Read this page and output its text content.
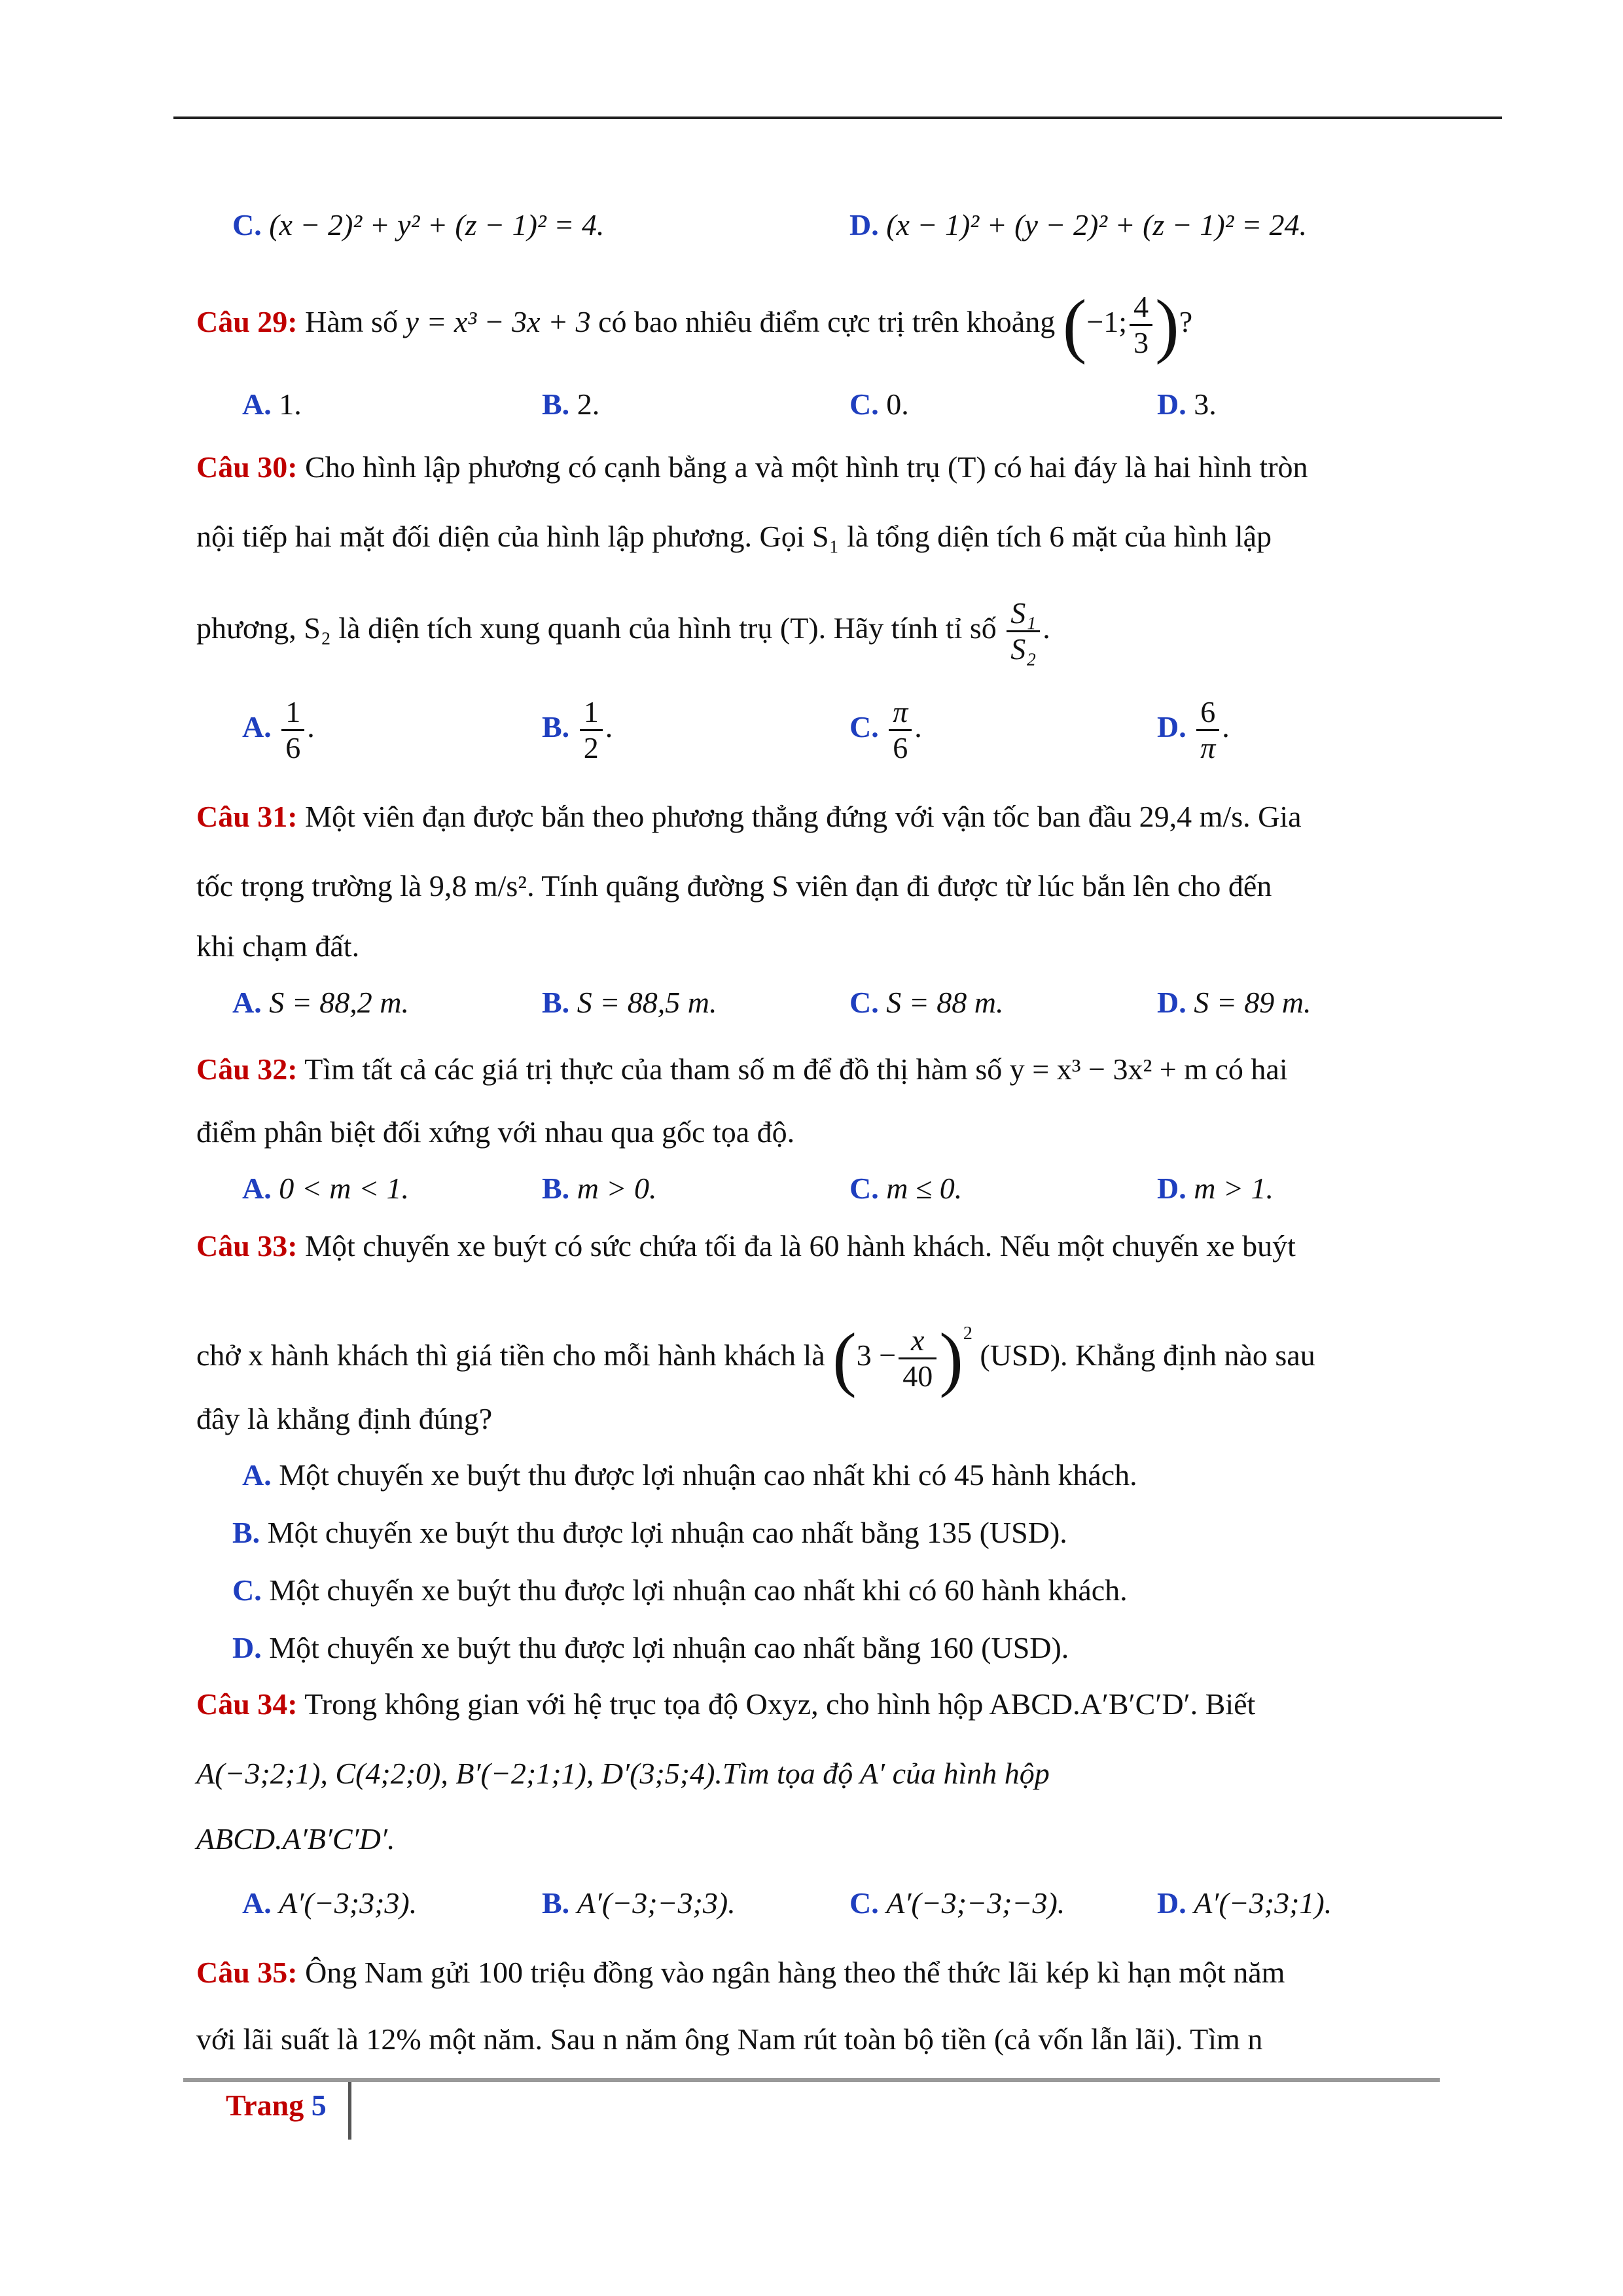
C. (x − 2)² + y² + (z − 1)² = 4.	D. (x − 1)² + (y − 2)² + (z − 1)² = 24.
Câu 29: Hàm số y = x³ − 3x + 3 có bao nhiêu điểm cực trị trên khoảng (−1; $\frac{4}{3}$ )?
A. 1.	B. 2.	C. 0.	D. 3.
Câu 30: Cho hình lập phương có cạnh bằng a và một hình trụ (T) có hai đáy là hai hình tròn
nội tiếp hai mặt đối diện của hình lập phương. Gọi S₁ là tổng diện tích 6 mặt của hình lập
phương, S₂ là diện tích xung quanh của hình trụ (T). Hãy tính tỉ số $\frac{\text{S₁}}{\text{S₂}}$ .
A. $\frac{1}{6}$ .	B. $\frac{1}{2}$ .	C. $\frac{\pi}{6}$ .	D. $\frac{6}{\pi}$ .
Câu 31: Một viên đạn được bắn theo phương thẳng đứng với vận tốc ban đầu 29,4 m/s. Gia
tốc trọng trường là 9,8 m/s². Tính quãng đường S viên đạn đi được từ lúc bắn lên cho đến
khi chạm đất.
A. S = 88,2 m.	B. S = 88,5 m.	C. S = 88 m.	D. S = 89 m.
Câu 32: Tìm tất cả các giá trị thực của tham số m để đồ thị hàm số y = x³ − 3x² + m có hai
điểm phân biệt đối xứng với nhau qua gốc tọa độ.
A. 0 < m < 1.	B. m > 0.	C. m ≤ 0.	D. m > 1.
Câu 33: Một chuyến xe buýt có sức chứa tối đa là 60 hành khách. Nếu một chuyến xe buýt
chở x hành khách thì giá tiền cho mỗi hành khách là $(3 - \frac{x}{40} )^2$ (USD). Khẳng định nào sau
đây là khẳng định đúng?
A. Một chuyến xe buýt thu được lợi nhuận cao nhất khi có 45 hành khách.
B. Một chuyến xe buýt thu được lợi nhuận cao nhất bằng 135 (USD).
C. Một chuyến xe buýt thu được lợi nhuận cao nhất khi có 60 hành khách.
D. Một chuyến xe buýt thu được lợi nhuận cao nhất bằng 160 (USD).
Câu 34: Trong không gian với hệ trục tọa độ Oxyz, cho hình hộp ABCD.A′B′C′D′. Biết
A(−3;2;1), C(4;2;0), B′(−2;1;1), D′(3;5;4).Tìm tọa độ A′ của hình hộp
ABCD.A′B′C′D′.
A. A′(−3;3;3).	B. A′(−3;−3;3).	C. A′(−3;−3;−3).	D. A′(−3;3;1).
Câu 35: Ông Nam gửi 100 triệu đồng vào ngân hàng theo thể thức lãi kép kì hạn một năm
với lãi suất là 12% một năm. Sau n năm ông Nam rút toàn bộ tiền (cả vốn lẫn lãi). Tìm n
Trang 5
